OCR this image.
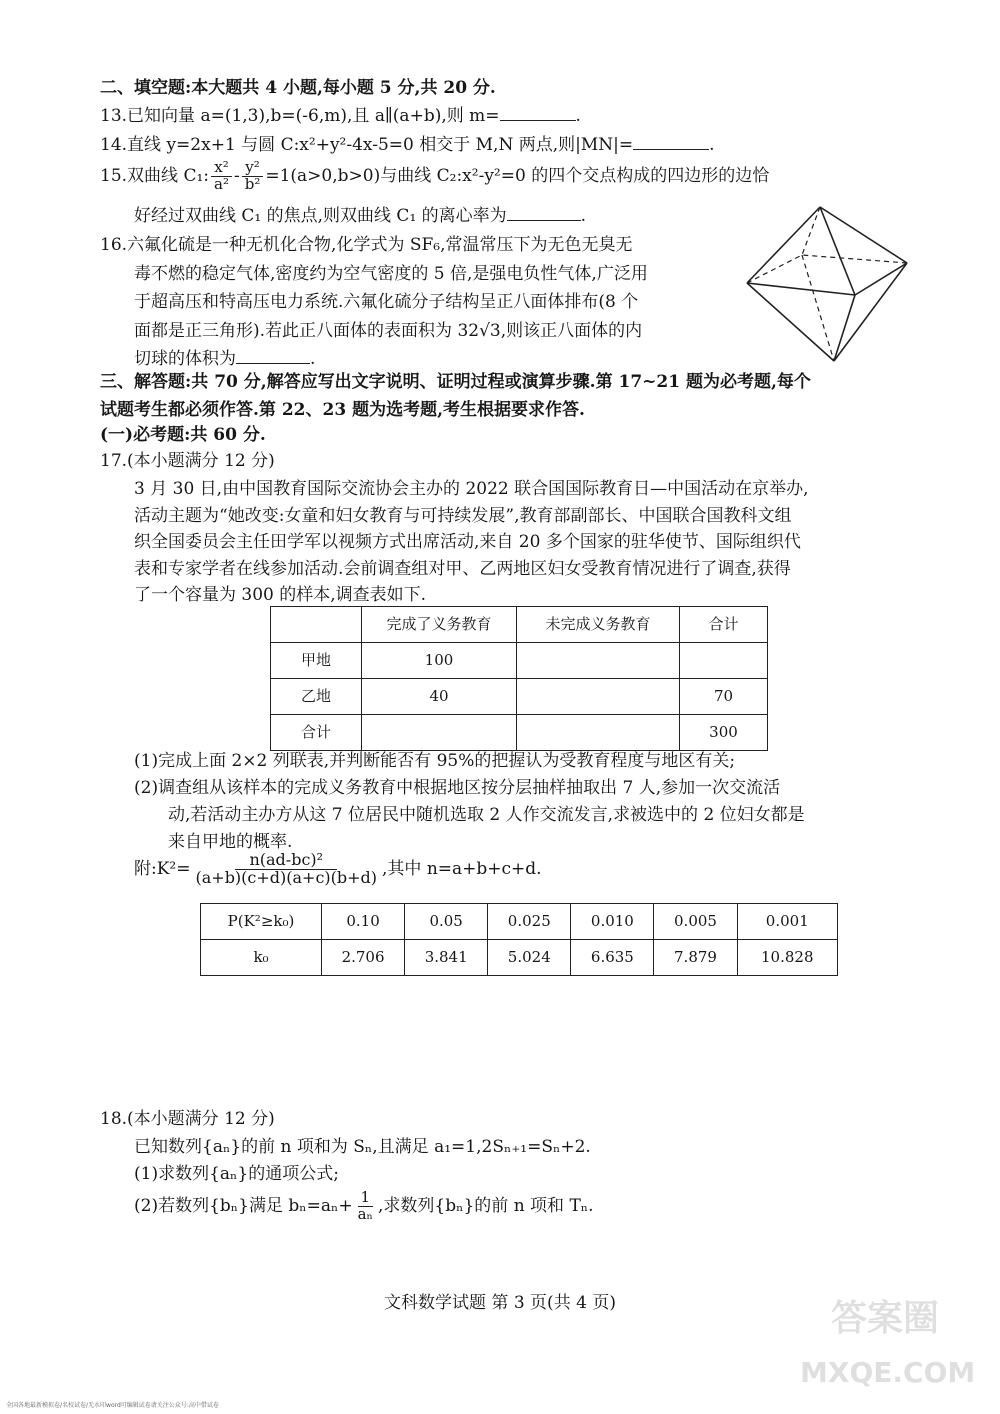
二、填空题:本大题共 4 小题,每小题 5 分,共 20 分.
13.已知向量 a=(1,3),b=(-6,m),且 a∥(a+b),则 m=	.
14.直线 y=2x+1 与圆 C:x²+y²-4x-5=0 相交于 M,N 两点,则|MN|=	.
15.双曲线 C₁: $\frac{\text{x²}}{\text{a²}} - \frac{\text{y²}}{\text{b²}} =1(a>0,b>0)$与曲线 C₂:x²-y²=0 的四个交点构成的四边形的边恰
好经过双曲线 C₁ 的焦点,则双曲线 C₁ 的离心率为	.
16.六氟化硫是一种无机化合物,化学式为 SF₆,常温常压下为无色无臭无
毒不燃的稳定气体,密度约为空气密度的 5 倍,是强电负性气体,广泛用
于超高压和特高压电力系统.六氟化硫分子结构呈正八面体排布(8 个
面都是正三角形).若此正八面体的表面积为 32√3,则该正八面体的内
切球的体积为	.
三、解答题:共 70 分,解答应写出文字说明、证明过程或演算步骤.第 17~21 题为必考题,每个
试题考生都必须作答.第 22、23 题为选考题,考生根据要求作答.
(一)必考题:共 60 分.
17.(本小题满分 12 分)
3 月 30 日,由中国教育国际交流协会主办的 2022 联合国国际教育日—中国活动在京举办,
活动主题为“她改变:女童和妇女教育与可持续发展”,教育部副部长、中国联合国教科文组
织全国委员会主任田学军以视频方式出席活动,来自 20 多个国家的驻华使节、国际组织代
表和专家学者在线参加活动.会前调查组对甲、乙两地区妇女受教育情况进行了调查,获得
了一个容量为 300 的样本,调查表如下.
	完成了义务教育	未完成义务教育	合计
甲地	100		
乙地	40		70
合计			300
(1)完成上面 2×2 列联表,并判断能否有 95%的把握认为受教育程度与地区有关;
(2)调查组从该样本的完成义务教育中根据地区按分层抽样抽取出 7 人,参加一次交流活
动,若活动主办方从这 7 位居民中随机选取 2 人作交流发言,求被选中的 2 位妇女都是
来自甲地的概率.
附:K²= $\frac{\text{n(ad-bc)²}}{(a+b)(c+d)(a+c)(b+d)}$ ,其中 n=a+b+c+d.
P(K²≥k₀)	0.10	0.05	0.025	0.010	0.005	0.001
k₀	2.706	3.841	5.024	6.635	7.879	10.828
18.(本小题满分 12 分)
已知数列{aₙ}的前 n 项和为 Sₙ,且满足 a₁=1,2Sₙ₊₁=Sₙ+2.
(1)求数列{aₙ}的通项公式;
(2)若数列{bₙ}满足 $b_n=a_n+ \frac{1}{\text{aₙ}}$ ,求数列{bₙ}的前 n 项和 Tₙ.
文科数学试题 第 3 页(共 4 页)	答案圈
MXQE.COM
全国各地最新模拟卷/名校试卷/无水印word可编辑试卷请关注公众号:高中借试卷
